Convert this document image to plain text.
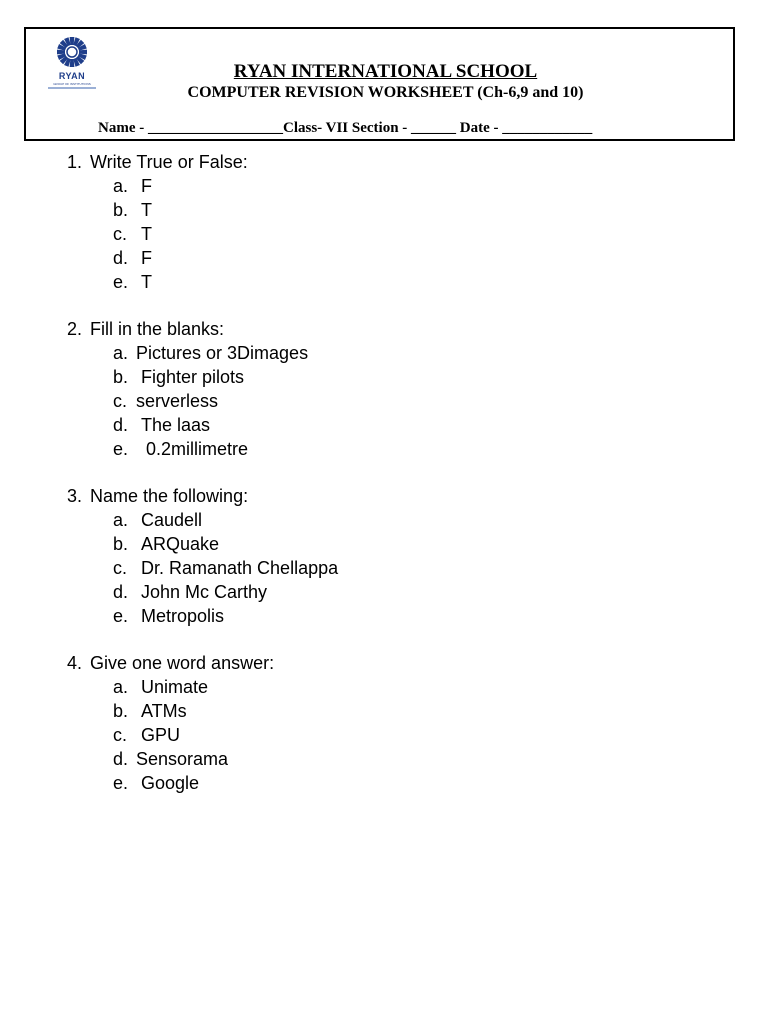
RYAN
GROUP OF INSTITUTIONS
RYAN INTERNATIONAL SCHOOL
COMPUTER REVISION WORKSHEET (Ch-6,9 and 10)
Name - __________________Class- VII Section - ______ Date - ____________
1. Write True or False:
a. F
b. T
c. T
d. F
e. T
2. Fill in the blanks:
a. Pictures or 3Dimages
b. Fighter pilots
c. serverless
d. The laas
e. 0.2millimetre
3. Name the following:
a. Caudell
b. ARQuake
c. Dr. Ramanath Chellappa
d. John Mc Carthy
e. Metropolis
4. Give one word answer:
a. Unimate
b. ATMs
c. GPU
d. Sensorama
e. Google
